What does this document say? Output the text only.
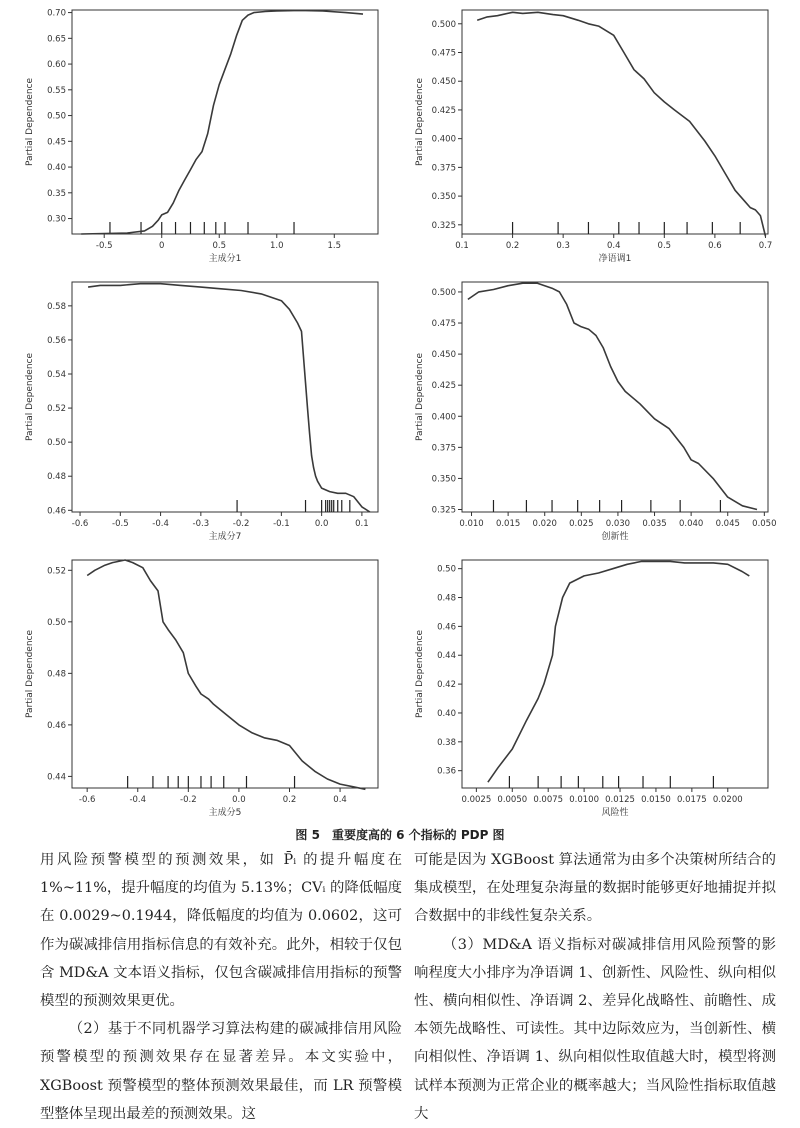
0.30
0.35
0.40
0.45
0.50
0.55
0.60
0.65
0.70
-0.5	0	0.5	1.0	1.5
主成分1
Partial Dependence
0.325
0.350
0.375
0.400
0.425
0.450
0.475
0.500
0.1	0.2	0.3	0.4	0.5	0.6	0.7
净语调1
Partial Dependence
0.46
0.48
0.50
0.52
0.54
0.56
0.58
-0.6	-0.5	-0.4	-0.3	-0.2	-0.1	0.0	0.1
主成分7
Partial Dependence
0.325
0.350
0.375
0.400
0.425
0.450
0.475
0.500
0.010 0.015 0.020 0.025 0.030 0.035 0.040 0.045 0.050
创新性
Partial Dependence
0.44
0.46
0.48
0.50
0.52
-0.6	-0.4	-0.2	0.0	0.2	0.4
主成分5
Partial Dependence
0.36
0.38
0.40
0.42
0.44
0.46
0.48
0.50
0.0025 0.0050 0.0075 0.0100 0.0125 0.0150 0.0175 0.0200
风险性
Partial Dependence
图 5　重要度高的 6 个指标的 PDP 图

用风险预警模型的预测效果，如 P̄ᵢ 的提升幅度在 1%~11%，提升幅度的均值为 5.13%；CVᵢ 的降低幅度在 0.0029~0.1944，降低幅度的均值为 0.0602，这可作为碳减排信用指标信息的有效补充。此外，相较于仅包含 MD&A 文本语义指标，仅包含碳减排信用指标的预警模型的预测效果更优。

（2）基于不同机器学习算法构建的碳减排信用风险预警模型的预测效果存在显著差异。本文实验中，XGBoost 预警模型的整体预测效果最佳，而 LR 预警模型整体呈现出最差的预测效果。这

可能是因为 XGBoost 算法通常为由多个决策树所结合的集成模型，在处理复杂海量的数据时能够更好地捕捉并拟合数据中的非线性复杂关系。

（3）MD&A 语义指标对碳减排信用风险预警的影响程度大小排序为净语调 1、创新性、风险性、纵向相似性、横向相似性、净语调 2、差异化战略性、前瞻性、成本领先战略性、可读性。其中边际效应为，当创新性、横向相似性、净语调 1、纵向相似性取值越大时，模型将测试样本预测为正常企业的概率越大；当风险性指标取值越大
